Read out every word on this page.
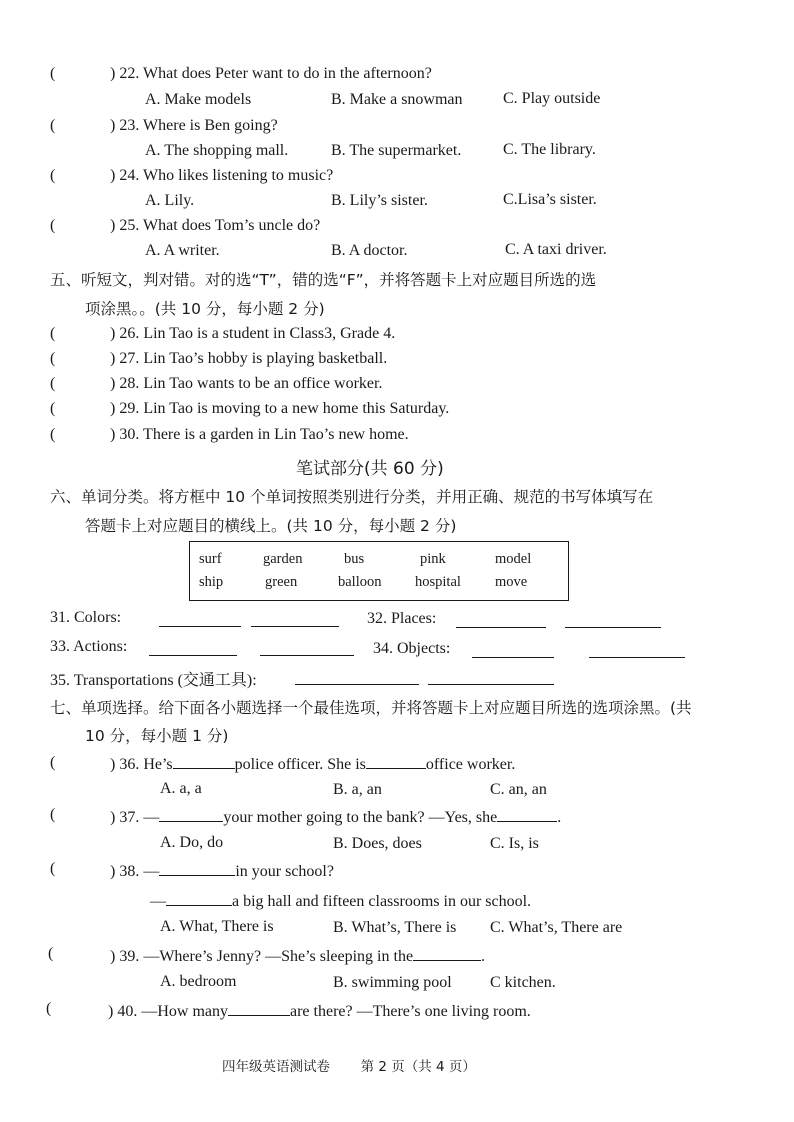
(	) 22. What does Peter want to do in the afternoon?
A. Make models	B. Make a snowman	C. Play outside
(	) 23. Where is Ben going?
A. The shopping mall.	B. The supermarket.	C. The library.
(	) 24. Who likes listening to music?
A. Lily.	B. Lily’s sister.	C.Lisa’s sister.
(	) 25. What does Tom’s uncle do?
A. A writer.	B. A doctor.	C. A taxi driver.
五、听短文，判对错。对的选“T”，错的选“F”，并将答题卡上对应题目所选的选
项涂黑。。(共 10 分，每小题 2 分)
(	) 26. Lin Tao is a student in Class3, Grade 4.
(	) 27. Lin Tao’s hobby is playing basketball.
(	) 28. Lin Tao wants to be an office worker.
(	) 29. Lin Tao is moving to a new home this Saturday.
(	) 30. There is a garden in Lin Tao’s new home.
笔试部分(共 60 分)
六、单词分类。将方框中 10 个单词按照类别进行分类，并用正确、规范的书写体填写在
答题卡上对应题目的横线上。(共 10 分，每小题 2 分)
surf	garden	bus	pink	model
ship	green	balloon hospital move
31. Colors:	32. Places:
33. Actions:	34. Objects:
35. Transportations (交通工具):
七、单项选择。给下面各小题选择一个最佳选项，并将答题卡上对应题目所选的选项涂黑。(共
10 分，每小题 1 分)
(	) 36. He’s	police officer. She is	office worker.
A. a, a	B. a, an	C. an, an
(	) 37. —	your mother going to the bank? —Yes, she	.
A. Do, do	B. Does, does	C. Is, is
(	) 38. —	in your school?
—	a big hall and fifteen classrooms in our school.
A. What, There is	B. What’s, There is C. What’s, There are
(	) 39. —Where’s Jenny? —She’s sleeping in the	.
A. bedroom	B. swimming pool C kitchen.
(	) 40. —How many	are there? —There’s one living room.
四年级英语测试卷 第 2 页（共 4 页）
